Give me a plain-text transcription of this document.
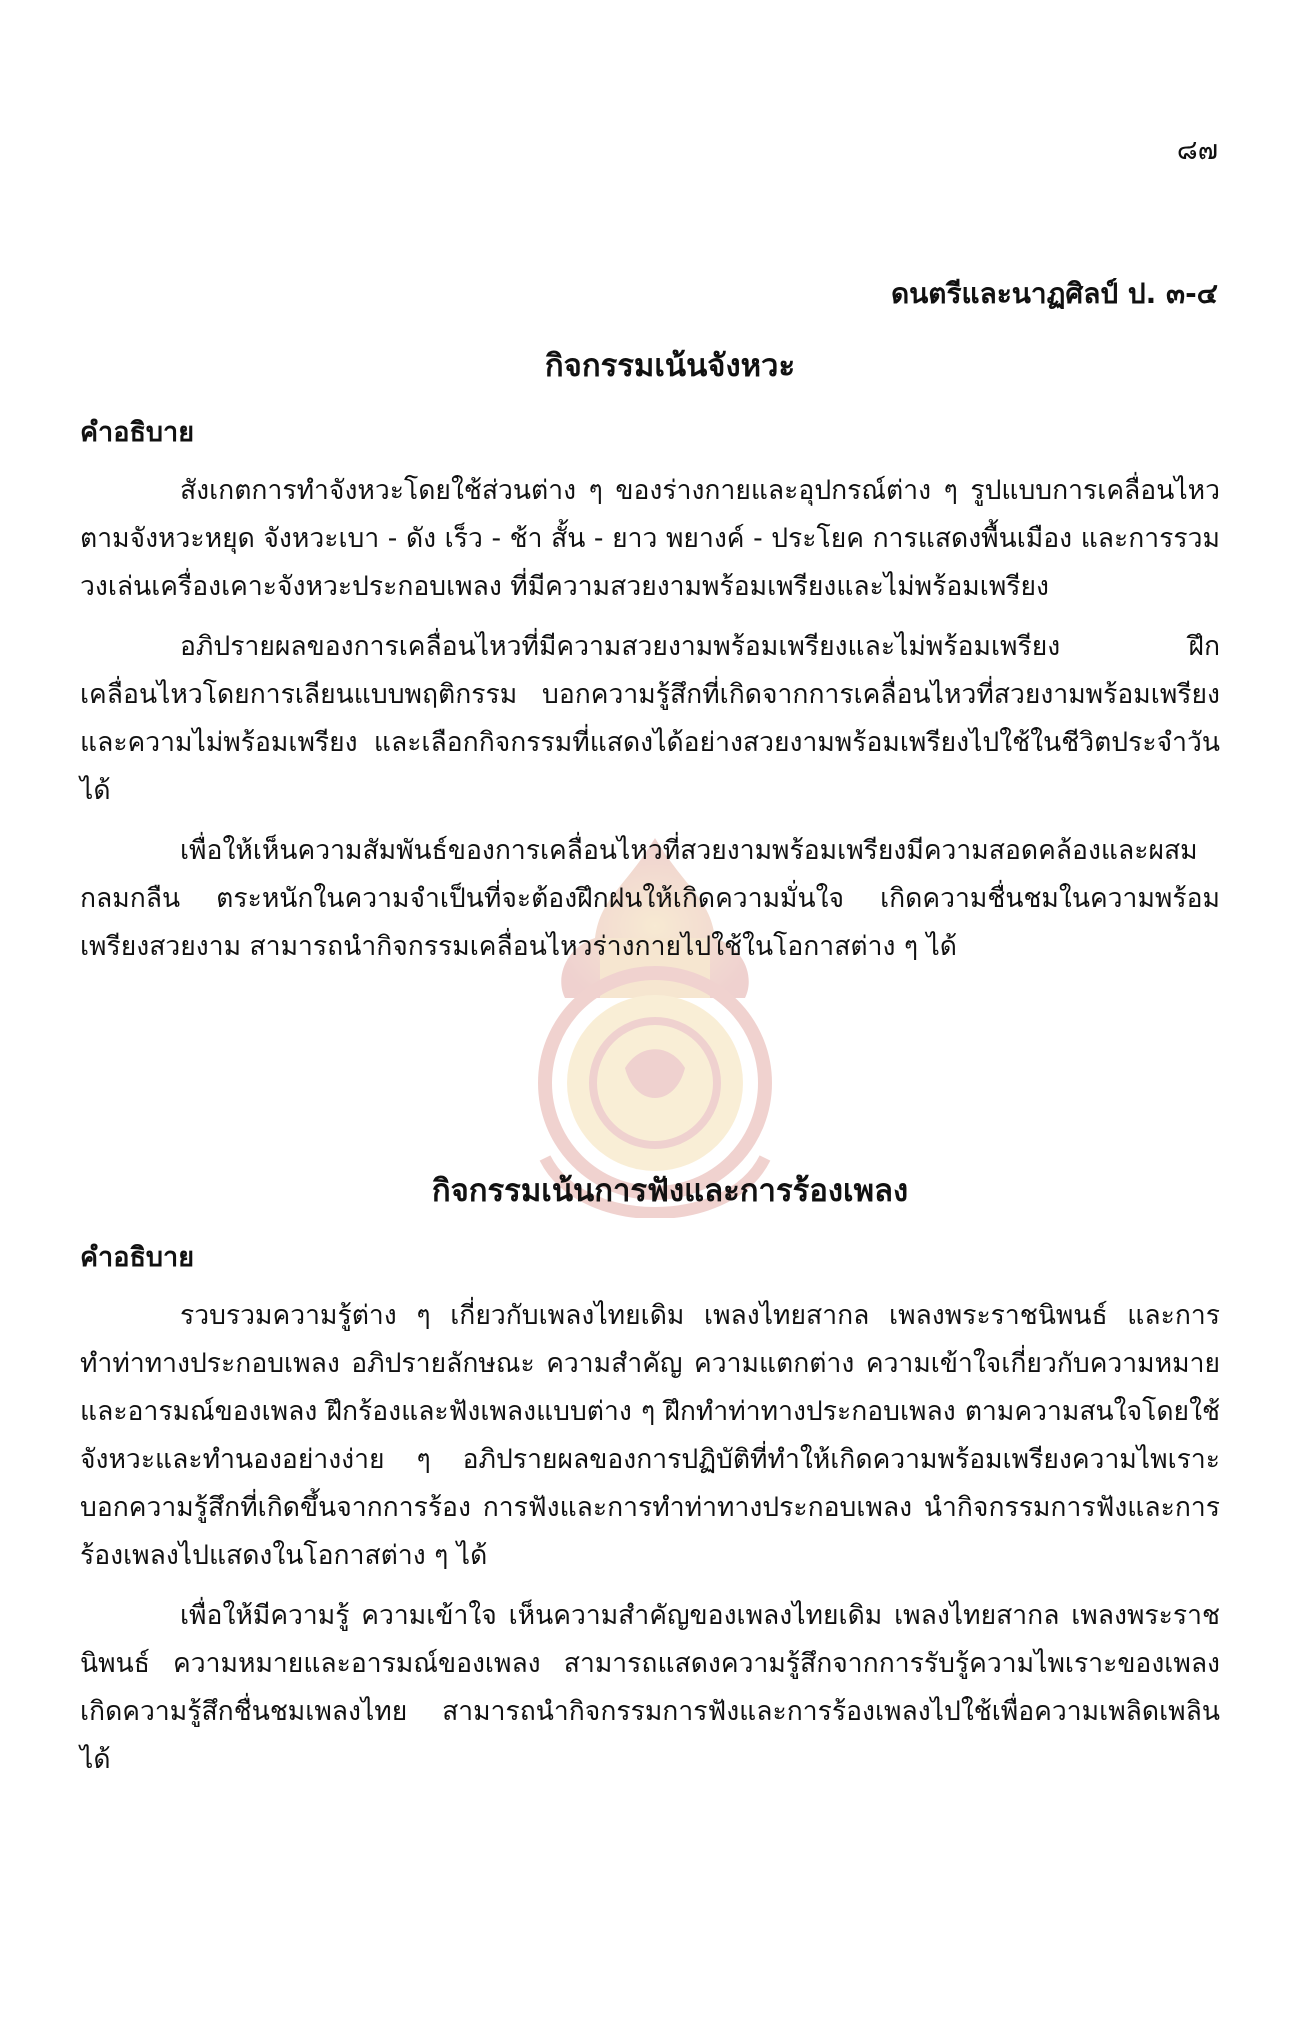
๘๗
ดนตรีและนาฏศิลป์ ป. ๓-๔
กิจกรรมเน้นจังหวะ
คำอธิบาย

สังเกตการทำจังหวะโดยใช้ส่วนต่าง ๆ ของร่างกายและอุปกรณ์ต่าง ๆ รูปแบบการเคลื่อนไหวตามจังหวะหยุด จังหวะเบา - ดัง เร็ว - ช้า สั้น - ยาว พยางค์ - ประโยค การแสดงพื้นเมือง และการรวมวงเล่นเครื่องเคาะจังหวะประกอบเพลง ที่มีความสวยงามพร้อมเพรียงและไม่พร้อมเพรียง

อภิปรายผลของการเคลื่อนไหวที่มีความสวยงามพร้อมเพรียงและไม่พร้อมเพรียง ฝึกเคลื่อนไหวโดยการเลียนแบบพฤติกรรม บอกความรู้สึกที่เกิดจากการเคลื่อนไหวที่สวยงามพร้อมเพรียงและความไม่พร้อมเพรียง และเลือกกิจกรรมที่แสดงได้อย่างสวยงามพร้อมเพรียงไปใช้ในชีวิตประจำวันได้

เพื่อให้เห็นความสัมพันธ์ของการเคลื่อนไหวที่สวยงามพร้อมเพรียงมีความสอดคล้องและผสมกลมกลืน ตระหนักในความจำเป็นที่จะต้องฝึกฝนให้เกิดความมั่นใจ เกิดความชื่นชมในความพร้อมเพรียงสวยงาม สามารถนำกิจกรรมเคลื่อนไหวร่างกายไปใช้ในโอกาสต่าง ๆ ได้

กิจกรรมเน้นการฟังและการร้องเพลง
คำอธิบาย

รวบรวมความรู้ต่าง ๆ เกี่ยวกับเพลงไทยเดิม เพลงไทยสากล เพลงพระราชนิพนธ์ และการทำท่าทางประกอบเพลง อภิปรายลักษณะ ความสำคัญ ความแตกต่าง ความเข้าใจเกี่ยวกับความหมายและอารมณ์ของเพลง ฝึกร้องและฟังเพลงแบบต่าง ๆ ฝึกทำท่าทางประกอบเพลง ตามความสนใจโดยใช้จังหวะและทำนองอย่างง่าย ๆ อภิปรายผลของการปฏิบัติที่ทำให้เกิดความพร้อมเพรียงความไพเราะ บอกความรู้สึกที่เกิดขึ้นจากการร้อง การฟังและการทำท่าทางประกอบเพลง นำกิจกรรมการฟังและการร้องเพลงไปแสดงในโอกาสต่าง ๆ ได้

เพื่อให้มีความรู้ ความเข้าใจ เห็นความสำคัญของเพลงไทยเดิม เพลงไทยสากล เพลงพระราชนิพนธ์ ความหมายและอารมณ์ของเพลง สามารถแสดงความรู้สึกจากการรับรู้ความไพเราะของเพลง เกิดความรู้สึกชื่นชมเพลงไทย สามารถนำกิจกรรมการฟังและการร้องเพลงไปใช้เพื่อความเพลิดเพลินได้
